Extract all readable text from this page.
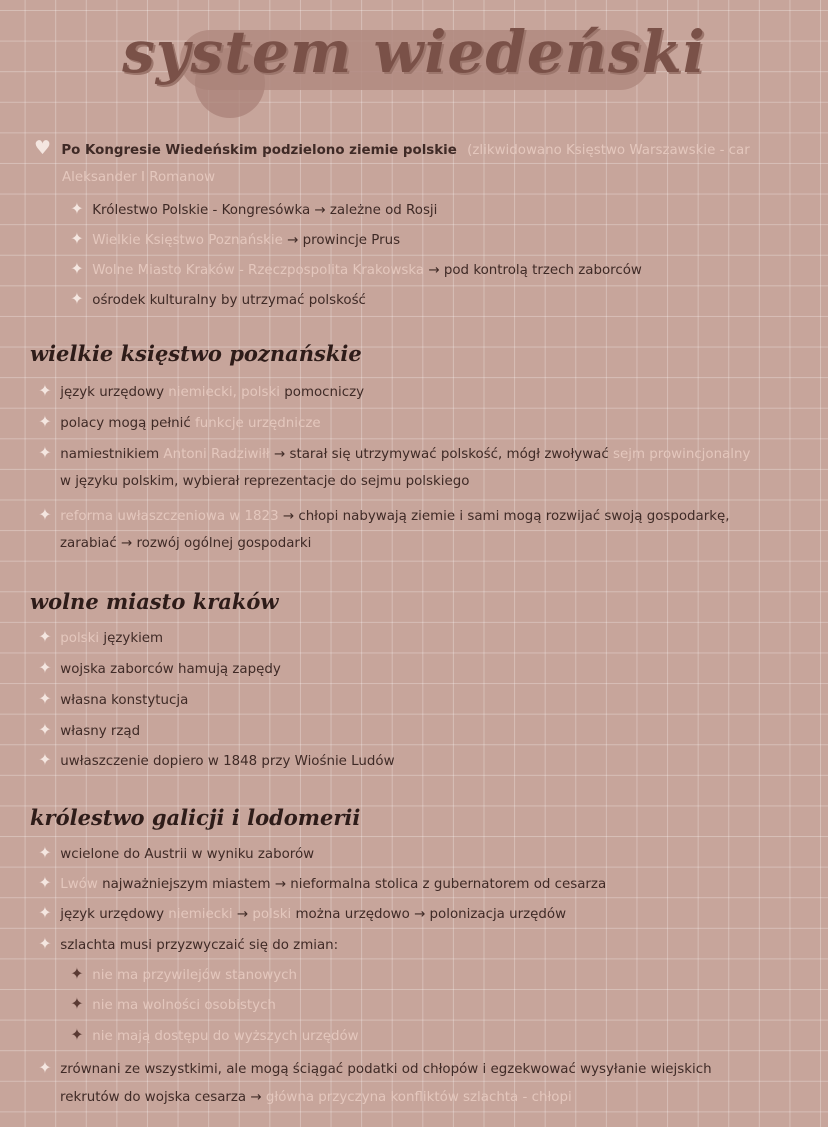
system wiedeński
♥ Po Kongresie Wiedeńskim podzielono ziemie polskie (zlikwidowano Księstwo Warszawskie - car
Aleksander I Romanow
✦ Królestwo Polskie - Kongresówka → zależne od Rosji
✦ Wielkie Księstwo Poznańskie → prowincje Prus
✦ Wolne Miasto Kraków - Rzeczpospolita Krakowska → pod kontrolą trzech zaborców
✦ ośrodek kulturalny by utrzymać polskość
wielkie księstwo poznańskie
✦ język urzędowy niemiecki, polski pomocniczy
✦ polacy mogą pełnić funkcje urzędnicze
✦ namiestnikiem Antoni Radziwiłł → starał się utrzymywać polskość, mógł zwoływać sejm prowincjonalny
w języku polskim, wybierał reprezentacje do sejmu polskiego
✦ reforma uwłaszczeniowa w 1823 → chłopi nabywają ziemie i sami mogą rozwijać swoją gospodarkę,
zarabiać → rozwój ogólnej gospodarki
wolne miasto kraków
✦ polski językiem
✦ wojska zaborców hamują zapędy
✦ własna konstytucja
✦ własny rząd
✦ uwłaszczenie dopiero w 1848 przy Wiośnie Ludów
królestwo galicji i lodomerii
✦ wcielone do Austrii w wyniku zaborów
✦ Lwów najważniejszym miastem → nieformalna stolica z gubernatorem od cesarza
✦ język urzędowy niemiecki → polski można urzędowo → polonizacja urzędów
✦ szlachta musi przyzwyczaić się do zmian:
✦ nie ma przywilejów stanowych
✦ nie ma wolności osobistych
✦ nie mają dostępu do wyższych urzędów
✦ zrównani ze wszystkimi, ale mogą ściągać podatki od chłopów i egzekwować wysyłanie wiejskich
rekrutów do wojska cesarza → główna przyczyna konfliktów szlachta - chłopi
